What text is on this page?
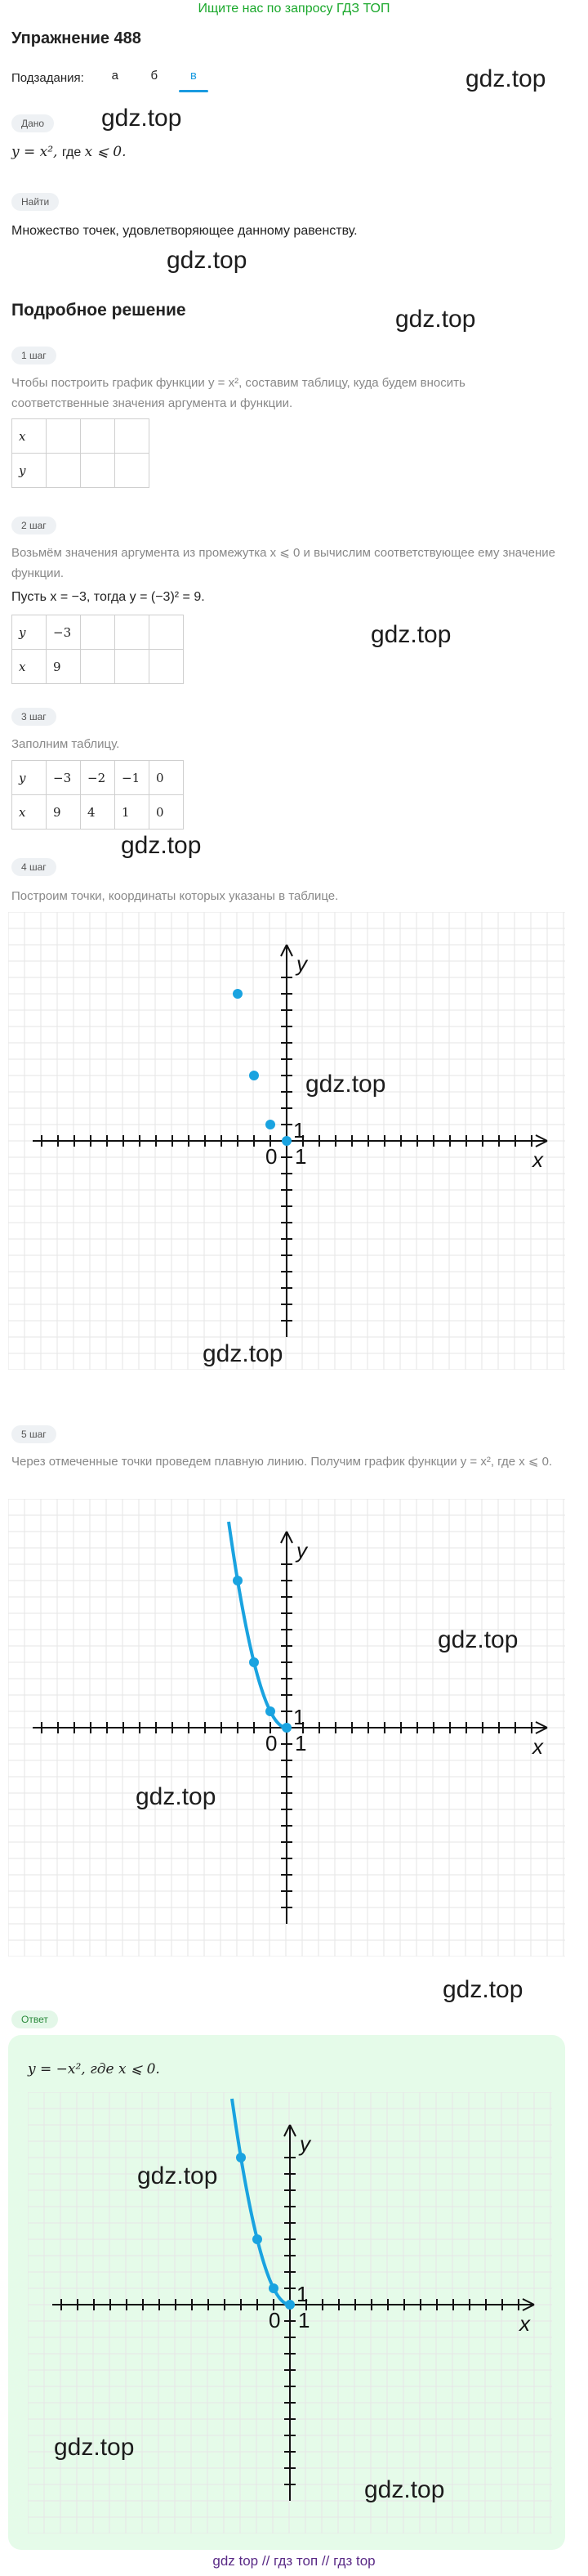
Ищите нас по запросу ГДЗ ТОП
Упражнение 488
gdz.top
Подзадания:	а	б	в
Дано	gdz.top
y = x², где x ⩽ 0.
Найти
Множество точек, удовлетворяющее данному равенству.
gdz.top
Подробное решение	gdz.top
1 шаг
Чтобы построить график функции y = x², составим таблицу, куда будем вносить соответственные значения аргумента и функции.
x			
y			
2 шаг
Возьмём значения аргумента из промежутка x ⩽ 0 и вычислим соответствующее ему значение функции.
Пусть x = −3, тогда y = (−3)² = 9.
y	−3			
x	9			
gdz.top
3 шаг
Заполним таблицу.
y	−3	−2	−1	0
x	9	4	1	0
gdz.top
4 шаг
Построим точки, координаты которых указаны в таблице.
x
y
0 1
1
gdz.top
gdz.top
5 шаг
Через отмеченные точки проведем плавную линию. Получим график функции y = x², где x ⩽ 0.
x
y
0 1
1
gdz.top
gdz.top
gdz.top
Ответ
y = −x², где x ⩽ 0.
x
y
0 1
1
gdz.top
gdz.top
gdz.top
gdz top // гдз топ // гдз top
